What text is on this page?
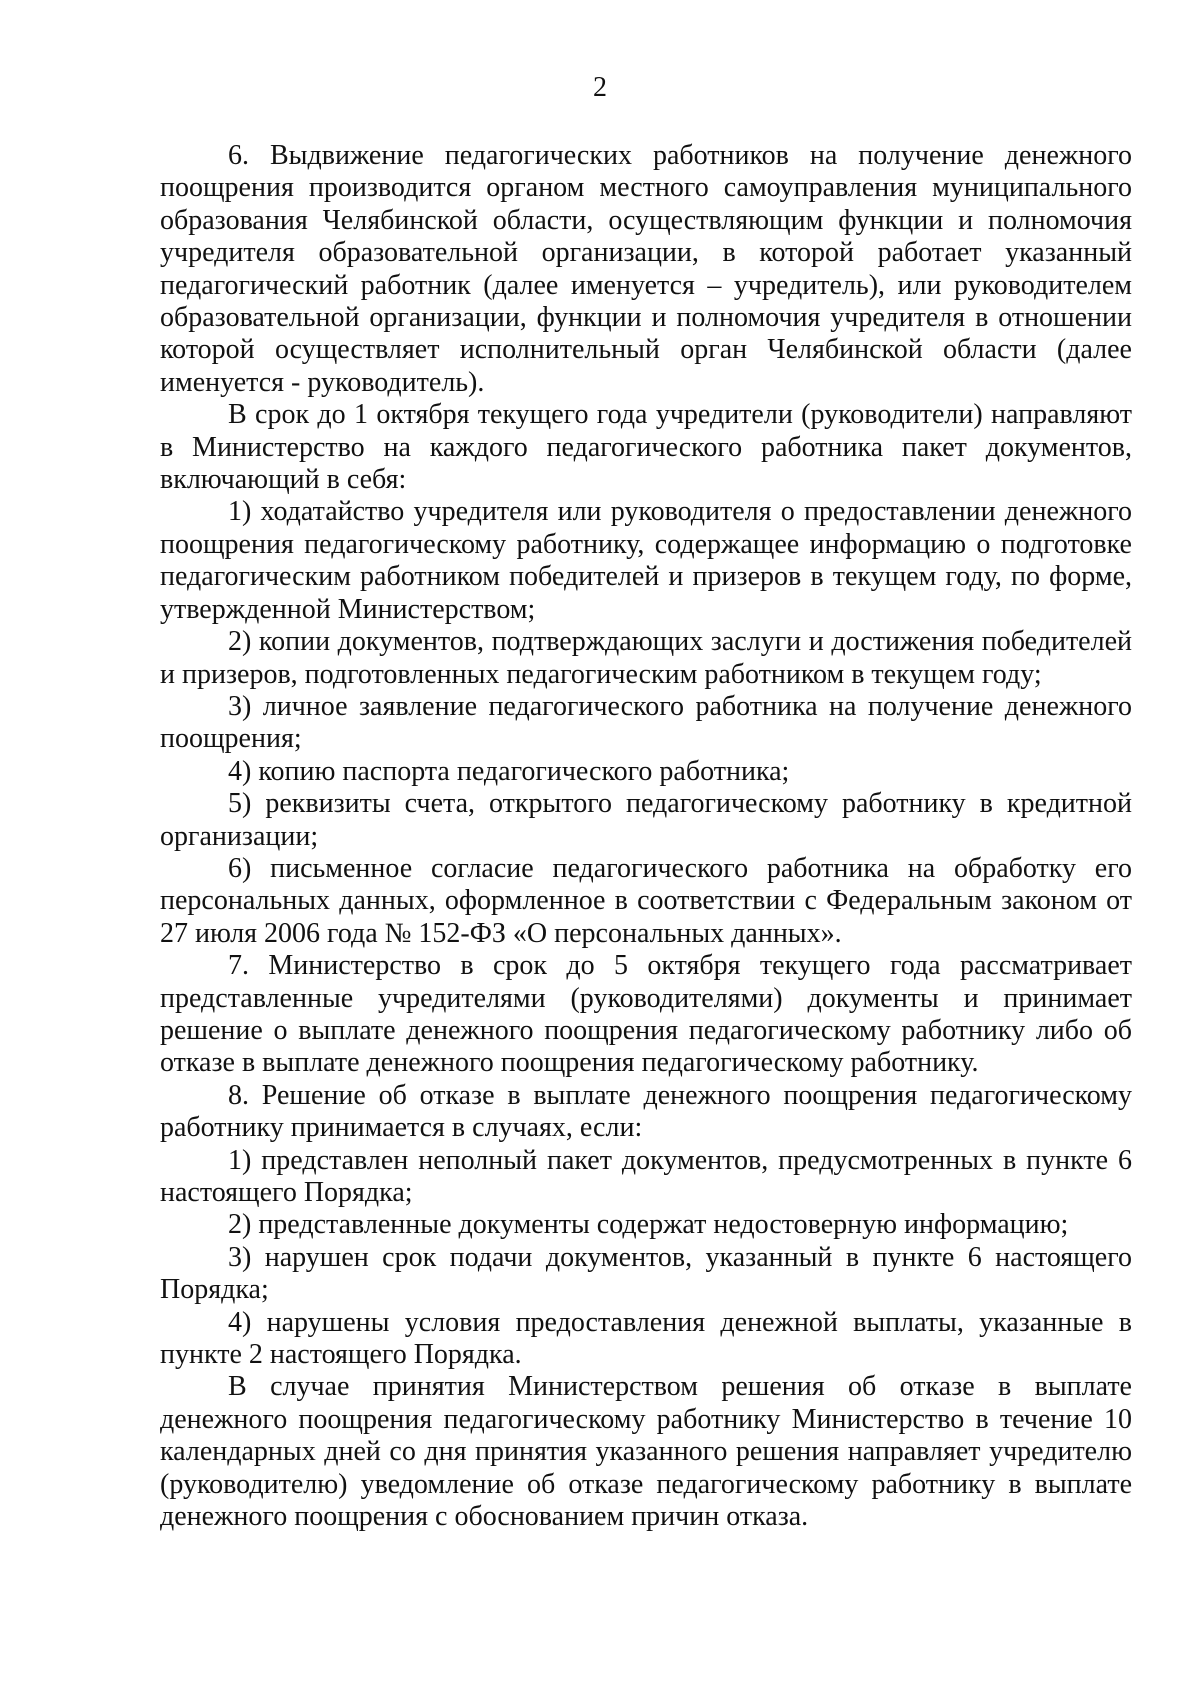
2

6. Выдвижение педагогических работников на получение денежного поощрения производится органом местного самоуправления муниципального образования Челябинской области, осуществляющим функции и полномочия учредителя образовательной организации, в которой работает указанный педагогический работник (далее именуется – учредитель), или руководителем образовательной организации, функции и полномочия учредителя в отношении которой осуществляет исполнительный орган Челябинской области (далее именуется - руководитель).

В срок до 1 октября текущего года учредители (руководители) направляют в Министерство на каждого педагогического работника пакет документов, включающий в себя:

1) ходатайство учредителя или руководителя о предоставлении денежного поощрения педагогическому работнику, содержащее информацию о подготовке педагогическим работником победителей и призеров в текущем году, по форме, утвержденной Министерством;

2) копии документов, подтверждающих заслуги и достижения победителей и призеров, подготовленных педагогическим работником в текущем году;

3) личное заявление педагогического работника на получение денежного поощрения;

4) копию паспорта педагогического работника;

5) реквизиты счета, открытого педагогическому работнику в кредитной организации;

6) письменное согласие педагогического работника на обработку его персональных данных, оформленное в соответствии с Федеральным законом от 27 июля 2006 года № 152-ФЗ «О персональных данных».

7. Министерство в срок до 5 октября текущего года рассматривает представленные учредителями (руководителями) документы и принимает решение о выплате денежного поощрения педагогическому работнику либо об отказе в выплате денежного поощрения педагогическому работнику.

8. Решение об отказе в выплате денежного поощрения педагогическому работнику принимается в случаях, если:

1) представлен неполный пакет документов, предусмотренных в пункте 6 настоящего Порядка;

2) представленные документы содержат недостоверную информацию;

3) нарушен срок подачи документов, указанный в пункте 6 настоящего Порядка;

4) нарушены условия предоставления денежной выплаты, указанные в пункте 2 настоящего Порядка.

В случае принятия Министерством решения об отказе в выплате денежного поощрения педагогическому работнику Министерство в течение 10 календарных дней со дня принятия указанного решения направляет учредителю (руководителю) уведомление об отказе педагогическому работнику в выплате денежного поощрения с обоснованием причин отказа.
